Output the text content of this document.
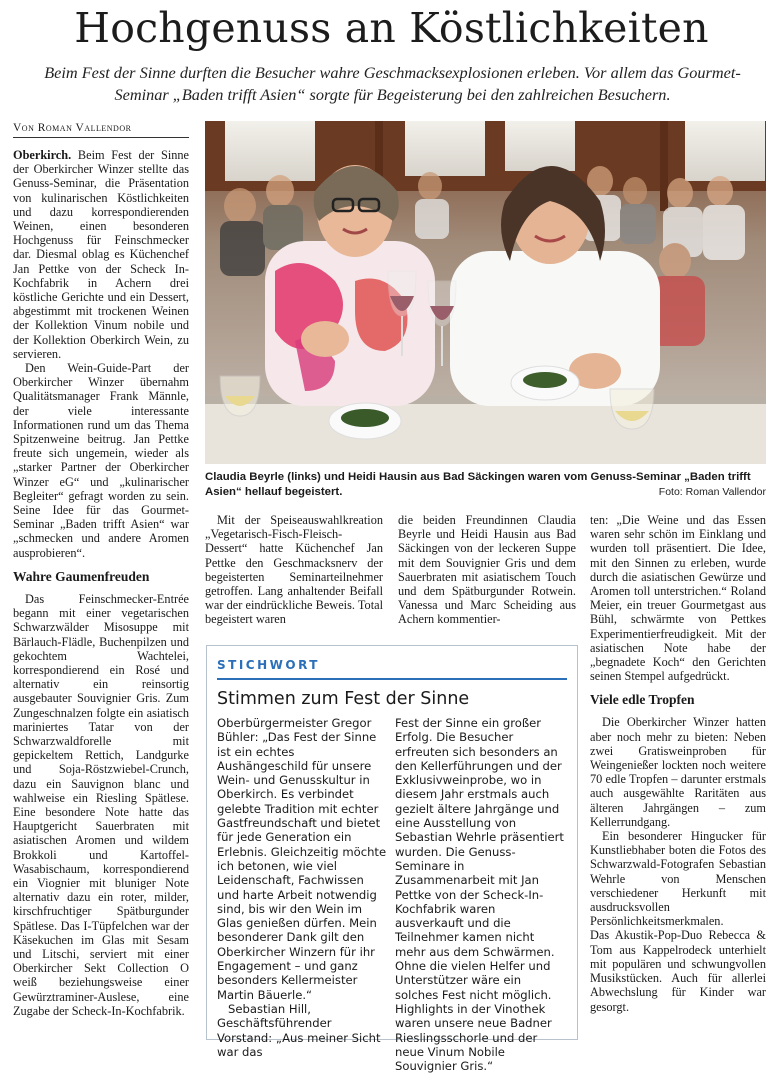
Hochgenuss an Köstlichkeiten
Beim Fest der Sinne durften die Besucher wahre Geschmacksexplosionen erleben. Vor allem das Gourmet-Seminar „Baden trifft Asien“ sorgte für Begeisterung bei den zahlreichen Besuchern.
Von Roman Vallendor

Oberkirch. Beim Fest der Sinne der Oberkircher Winzer stellte das Genuss-Seminar, die Präsentation von kulinarischen Köstlichkeiten und dazu korrespondierenden Weinen, einen besonderen Hochgenuss für Feinschmecker dar. Diesmal oblag es Küchenchef Jan Pettke von der Scheck In-Kochfabrik in Achern drei köstliche Gerichte und ein Dessert, abgestimmt mit trockenen Weinen der Kollektion Vinum nobile und der Kollektion Oberkirch Wein, zu servieren.

Den Wein-Guide-Part der Oberkircher Winzer übernahm Qualitätsmanager Frank Männle, der viele interessante Informationen rund um das Thema Spitzenweine beitrug. Jan Pettke freute sich ungemein, wieder als „starker Partner der Oberkircher Winzer eG“ und „kulinarischer Begleiter“ gefragt worden zu sein. Seine Idee für das Gourmet-Seminar „Baden trifft Asien“ war „schmecken und andere Aromen ausprobieren“.

Wahre Gaumenfreuden

Das Feinschmecker-Entrée begann mit einer vegetarischen Schwarzwälder Misosuppe mit Bärlauch-Flädle, Buchenpilzen und gekochtem Wachtelei, korrespondierend ein Rosé und alternativ ein reinsortig ausgebauter Souvignier Gris. Zum Zungeschnalzen folgte ein asiatisch mariniertes Tatar von der Schwarzwaldforelle mit gepickeltem Rettich, Landgurke und Soja-Röstzwiebel-Crunch, dazu ein Sauvignon blanc und wahlweise ein Riesling Spätlese. Eine besondere Note hatte das Hauptgericht Sauerbraten mit asiatischen Aromen und wildem Brokkoli und Kartoffel-Wasabischaum, korrespondierend ein Viognier mit bluniger Note alternativ dazu ein roter, milder, kirschfruchtiger Spätburgunder Spätlese. Das I-Tüpfelchen war der Käsekuchen im Glas mit Sesam und Litschi, serviert mit einer Oberkircher Sekt Collection O weiß beziehungsweise einer Gewürztraminer-Auslese, eine Zugabe der Scheck-In-Kochfabrik.

Claudia Beyrle (links) und Heidi Hausin aus Bad Säckingen waren vom Genuss-Seminar „Baden trifft Asien“ hellauf begeistert.	Foto: Roman Vallendor

Mit der Speiseauswahlkreation „Vegetarisch-Fisch-Fleisch-Dessert“ hatte Küchenchef Jan Pettke den Geschmacksnerv der begeisterten Seminarteilnehmer getroffen. Lang anhaltender Beifall war der eindrückliche Beweis. Total begeistert waren

die beiden Freundinnen Claudia Beyrle und Heidi Hausin aus Bad Säckingen von der leckeren Suppe mit dem Souvignier Gris und dem Sauerbraten mit asiatischem Touch und dem Spätburgunder Rotwein. Vanessa und Marc Scheiding aus Achern kommentier-

ten: „Die Weine und das Essen waren sehr schön im Einklang und wurden toll präsentiert. Die Idee, mit den Sinnen zu erleben, wurde durch die asiatischen Gewürze und Aromen toll unterstrichen.“ Roland Meier, ein treuer Gourmetgast aus Bühl, schwärmte von Pettkes Experimentierfreudigkeit. Mit der asiatischen Note habe der „begnadete Koch“ den Gerichten seinen Stempel aufgedrückt.

Viele edle Tropfen

Die Oberkircher Winzer hatten aber noch mehr zu bieten: Neben zwei Gratisweinproben für Weingenießer lockten noch weitere 70 edle Tropfen – darunter erstmals auch ausgewählte Raritäten aus älteren Jahrgängen – zum Kellerrundgang.

Ein besonderer Hingucker für Kunstliebhaber boten die Fotos des Schwarzwald-Fotografen Sebastian Wehrle von Menschen verschiedener Herkunft mit ausdrucksvollen Persönlichkeitsmerkmalen.

Das Akustik-Pop-Duo Rebecca & Tom aus Kappelrodeck unterhielt mit populären und schwungvollen Musikstücken. Auch für allerlei Abwechslung für Kinder war gesorgt.

STICHWORT
Stimmen zum Fest der Sinne

Oberbürgermeister Gregor Bühler: „Das Fest der Sinne ist ein echtes Aushängeschild für unsere Wein- und Genusskultur in Oberkirch. Es verbindet gelebte Tradition mit echter Gastfreundschaft und bietet für jede Generation ein Erlebnis. Gleichzeitig möchte ich betonen, wie viel Leidenschaft, Fachwissen und harte Arbeit notwendig sind, bis wir den Wein im Glas genießen dürfen. Mein besonderer Dank gilt den Oberkircher Winzern für ihr Engagement – und ganz besonders Kellermeister Martin Bäuerle.“

Sebastian Hill, Geschäftsführender Vorstand: „Aus meiner Sicht war das

Fest der Sinne ein großer Erfolg. Die Besucher erfreuten sich besonders an den Kellerführungen und der Exklusivweinprobe, wo in diesem Jahr erstmals auch gezielt ältere Jahrgänge und eine Ausstellung von Sebastian Wehrle präsentiert wurden. Die Genuss-Seminare in Zusammenarbeit mit Jan Pettke von der Scheck-In-Kochfabrik waren ausverkauft und die Teilnehmer kamen nicht mehr aus dem Schwärmen. Ohne die vielen Helfer und Unterstützer wäre ein solches Fest nicht möglich. Highlights in der Vinothek waren unsere neue Badner Rieslingsschorle und der neue Vinum Nobile Souvignier Gris.“
